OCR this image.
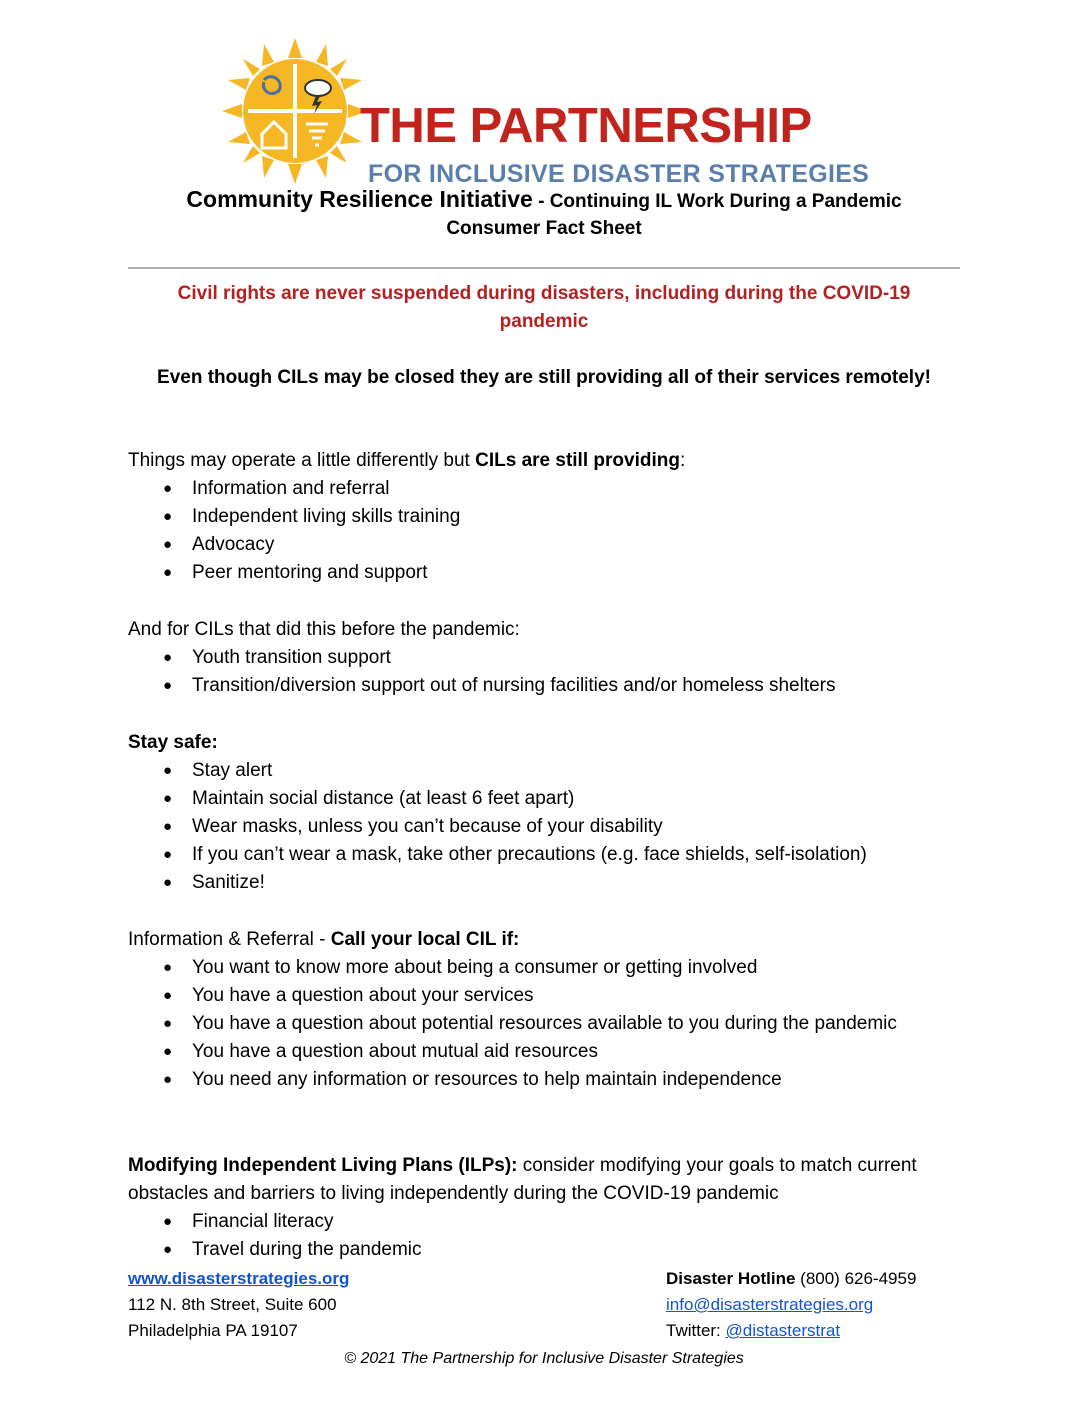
THE PARTNERSHIP
FOR INCLUSIVE DISASTER STRATEGIES
Community Resilience Initiative - Continuing IL Work During a Pandemic
Consumer Fact Sheet
Civil rights are never suspended during disasters, including during the COVID-19 pandemic
Even though CILs may be closed they are still providing all of their services remotely!
Things may operate a little differently but CILs are still providing:
● Information and referral
● Independent living skills training
● Advocacy
● Peer mentoring and support
And for CILs that did this before the pandemic:
● Youth transition support
● Transition/diversion support out of nursing facilities and/or homeless shelters
Stay safe:
● Stay alert
● Maintain social distance (at least 6 feet apart)
● Wear masks, unless you can’t because of your disability
● If you can’t wear a mask, take other precautions (e.g. face shields, self-isolation)
● Sanitize!
Information & Referral - Call your local CIL if:
● You want to know more about being a consumer or getting involved
● You have a question about your services
● You have a question about potential resources available to you during the pandemic
● You have a question about mutual aid resources
● You need any information or resources to help maintain independence
Modifying Independent Living Plans (ILPs): consider modifying your goals to match current obstacles and barriers to living independently during the COVID-19 pandemic
● Financial literacy
● Travel during the pandemic
www.disasterstrategies.org
112 N. 8th Street, Suite 600
Philadelphia PA 19107
Disaster Hotline (800) 626-4959
info@disasterstrategies.org
Twitter: @distasterstrat
© 2021 The Partnership for Inclusive Disaster Strategies
